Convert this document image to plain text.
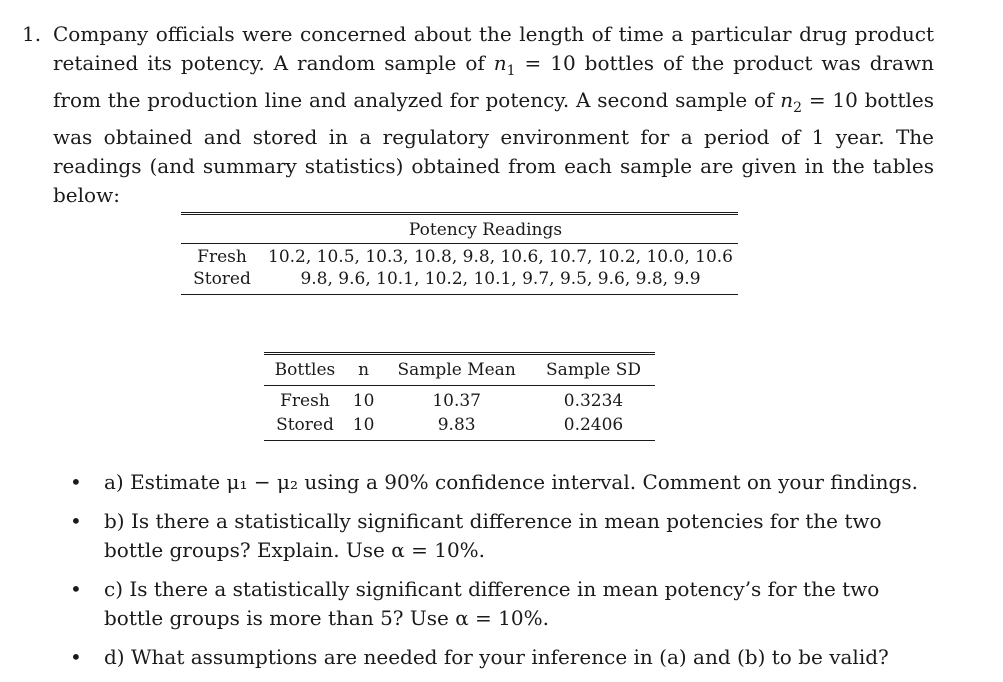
1. Company officials were concerned about the length of time a particular drug product retained its potency. A random sample of $n_1 = 10$ bottles of the product was drawn from the production line and analyzed for potency. A second sample of $n_2 = 10$ bottles was obtained and stored in a regulatory environment for a period of 1 year. The readings (and summary statistics) obtained from each sample are given in the tables below:
Potency Readings
Fresh	10.2, 10.5, 10.3, 10.8, 9.8, 10.6, 10.7, 10.2, 10.0, 10.6
Stored	9.8, 9.6, 10.1, 10.2, 10.1, 9.7, 9.5, 9.6, 9.8, 9.9
Bottles	n	Sample Mean	Sample SD
Fresh	10	10.37	0.3234
Stored	10	9.83	0.2406
•	a) Estimate μ₁ − μ₂ using a 90% confidence interval. Comment on your findings.
•	b) Is there a statistically significant difference in mean potencies for the two bottle groups? Explain. Use α = 10%.
•	c) Is there a statistically significant difference in mean potency’s for the two bottle groups is more than 5? Use α = 10%.
•	d) What assumptions are needed for your inference in (a) and (b) to be valid?
